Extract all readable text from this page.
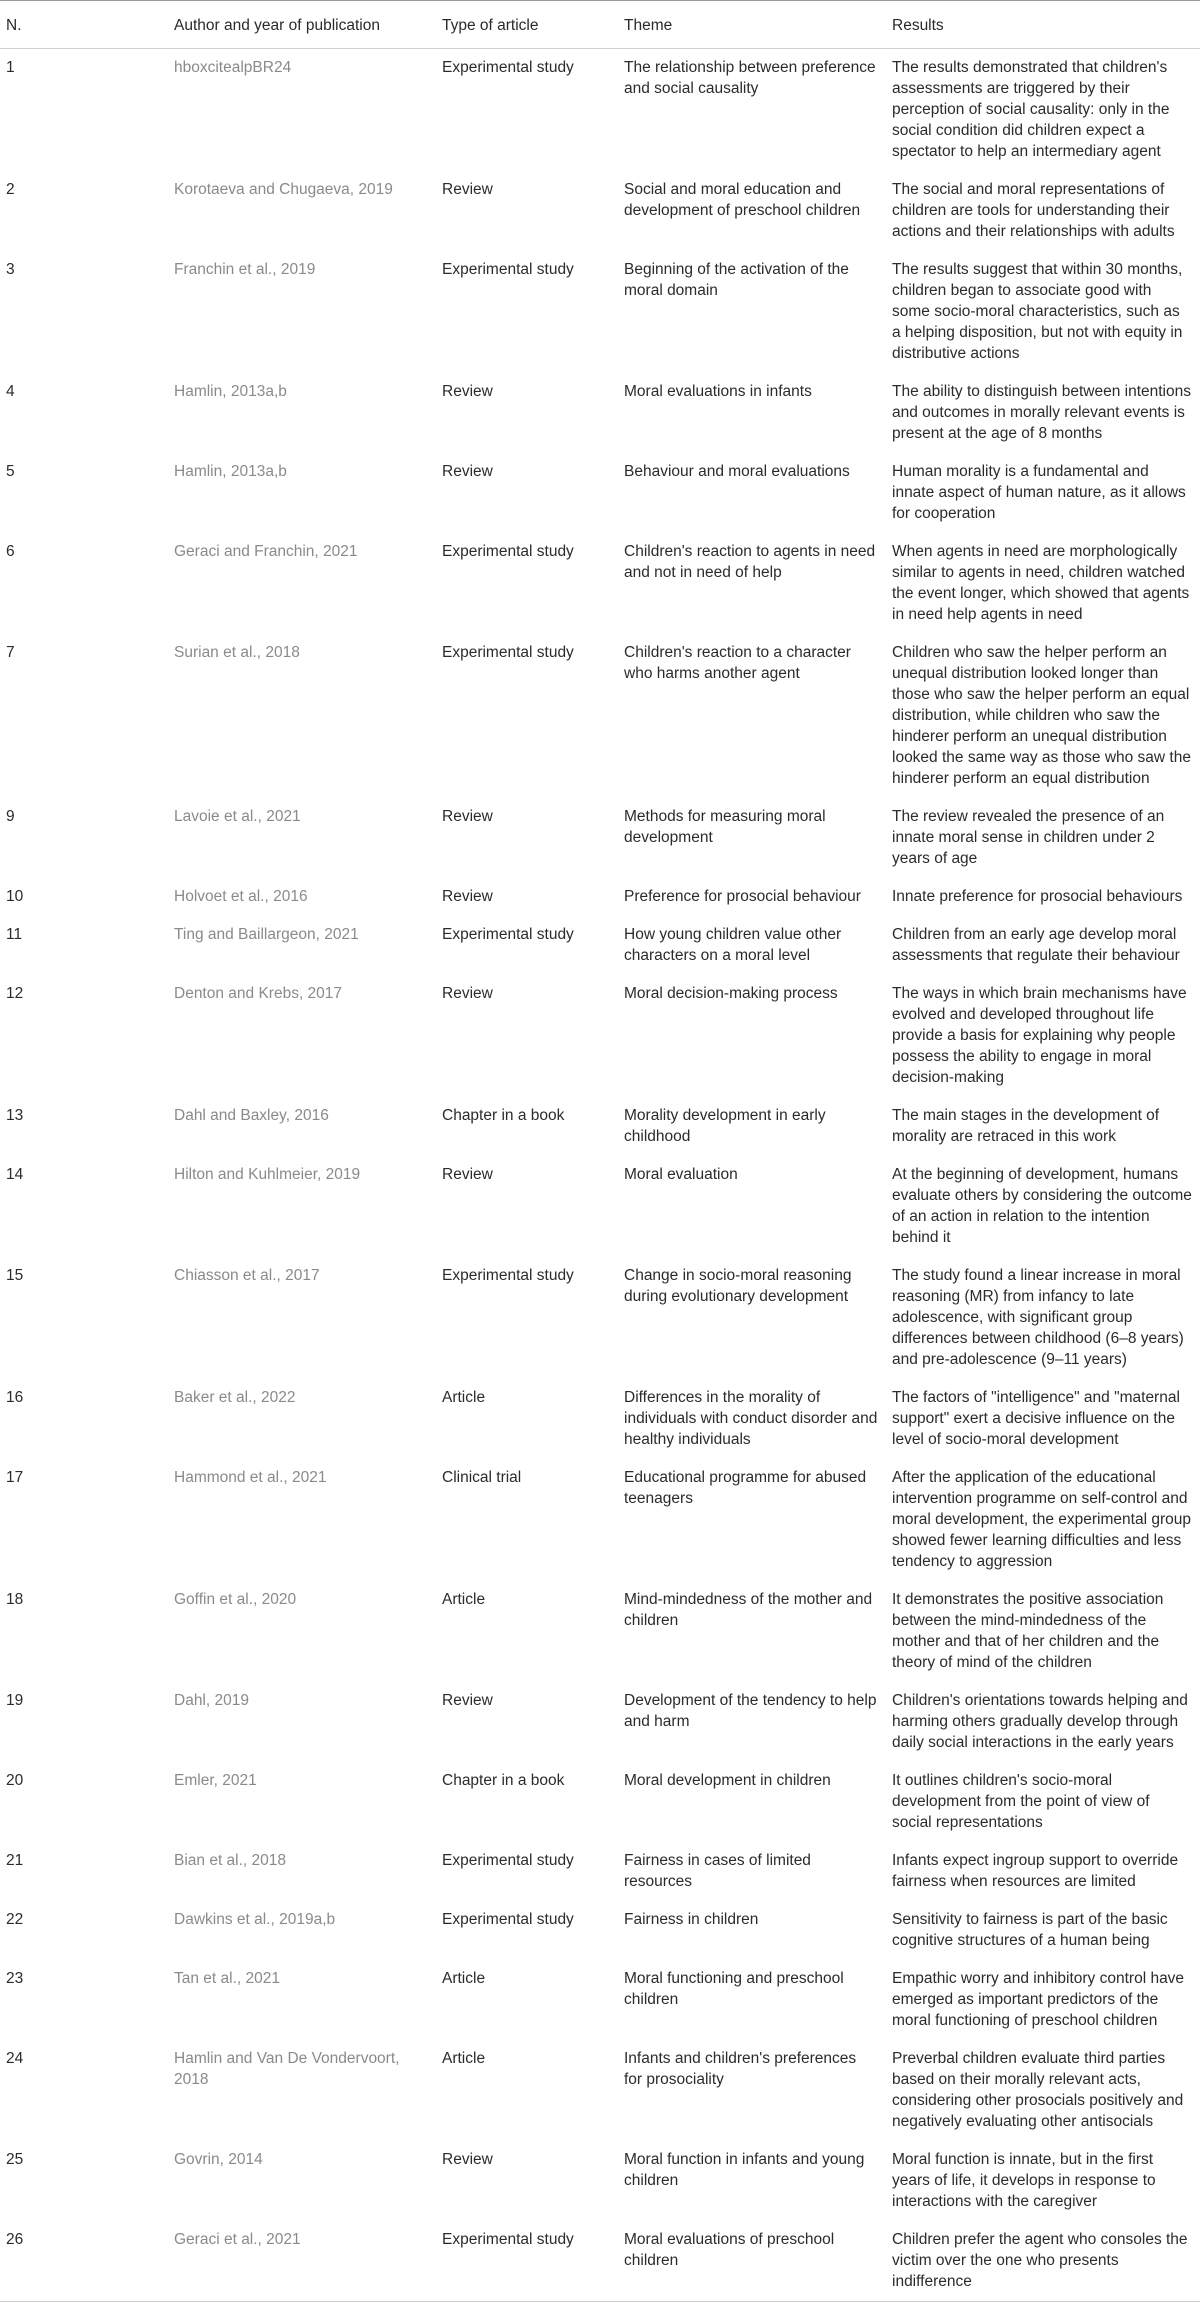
N.	Author and year of publication	Type of article	Theme	Results
1	hboxcitealpBR24	Experimental study	The relationship between preference and social causality	The results demonstrated that children's assessments are triggered by their perception of social causality: only in the social condition did children expect a spectator to help an intermediary agent
2	Korotaeva and Chugaeva, 2019	Review	Social and moral education and development of preschool children	The social and moral representations of children are tools for understanding their actions and their relationships with adults
3	Franchin et al., 2019	Experimental study	Beginning of the activation of the moral domain	The results suggest that within 30 months, children began to associate good with some socio-moral characteristics, such as a helping disposition, but not with equity in distributive actions
4	Hamlin, 2013a,b	Review	Moral evaluations in infants	The ability to distinguish between intentions and outcomes in morally relevant events is present at the age of 8 months
5	Hamlin, 2013a,b	Review	Behaviour and moral evaluations	Human morality is a fundamental and innate aspect of human nature, as it allows for cooperation
6	Geraci and Franchin, 2021	Experimental study	Children's reaction to agents in need and not in need of help	When agents in need are morphologically similar to agents in need, children watched the event longer, which showed that agents in need help agents in need
7	Surian et al., 2018	Experimental study	Children's reaction to a character who harms another agent	Children who saw the helper perform an unequal distribution looked longer than those who saw the helper perform an equal distribution, while children who saw the hinderer perform an unequal distribution looked the same way as those who saw the hinderer perform an equal distribution
9	Lavoie et al., 2021	Review	Methods for measuring moral development	The review revealed the presence of an innate moral sense in children under 2 years of age
10	Holvoet et al., 2016	Review	Preference for prosocial behaviour	Innate preference for prosocial behaviours
11	Ting and Baillargeon, 2021	Experimental study	How young children value other characters on a moral level	Children from an early age develop moral assessments that regulate their behaviour
12	Denton and Krebs, 2017	Review	Moral decision-making process	The ways in which brain mechanisms have evolved and developed throughout life provide a basis for explaining why people possess the ability to engage in moral decision-making
13	Dahl and Baxley, 2016	Chapter in a book	Morality development in early childhood	The main stages in the development of morality are retraced in this work
14	Hilton and Kuhlmeier, 2019	Review	Moral evaluation	At the beginning of development, humans evaluate others by considering the outcome of an action in relation to the intention behind it
15	Chiasson et al., 2017	Experimental study	Change in socio-moral reasoning during evolutionary development	The study found a linear increase in moral reasoning (MR) from infancy to late adolescence, with significant group differences between childhood (6–8 years) and pre-adolescence (9–11 years)
16	Baker et al., 2022	Article	Differences in the morality of individuals with conduct disorder and healthy individuals	The factors of "intelligence" and "maternal support" exert a decisive influence on the level of socio-moral development
17	Hammond et al., 2021	Clinical trial	Educational programme for abused teenagers	After the application of the educational intervention programme on self-control and moral development, the experimental group showed fewer learning difficulties and less tendency to aggression
18	Goffin et al., 2020	Article	Mind-mindedness of the mother and children	It demonstrates the positive association between the mind-mindedness of the mother and that of her children and the theory of mind of the children
19	Dahl, 2019	Review	Development of the tendency to help and harm	Children's orientations towards helping and harming others gradually develop through daily social interactions in the early years
20	Emler, 2021	Chapter in a book	Moral development in children	It outlines children's socio-moral development from the point of view of social representations
21	Bian et al., 2018	Experimental study	Fairness in cases of limited resources	Infants expect ingroup support to override fairness when resources are limited
22	Dawkins et al., 2019a,b	Experimental study	Fairness in children	Sensitivity to fairness is part of the basic cognitive structures of a human being
23	Tan et al., 2021	Article	Moral functioning and preschool children	Empathic worry and inhibitory control have emerged as important predictors of the moral functioning of preschool children
24	Hamlin and Van De Vondervoort, 2018	Article	Infants and children's preferences for prosociality	Preverbal children evaluate third parties based on their morally relevant acts, considering other prosocials positively and negatively evaluating other antisocials
25	Govrin, 2014	Review	Moral function in infants and young children	Moral function is innate, but in the first years of life, it develops in response to interactions with the caregiver
26	Geraci et al., 2021	Experimental study	Moral evaluations of preschool children	Children prefer the agent who consoles the victim over the one who presents indifference
